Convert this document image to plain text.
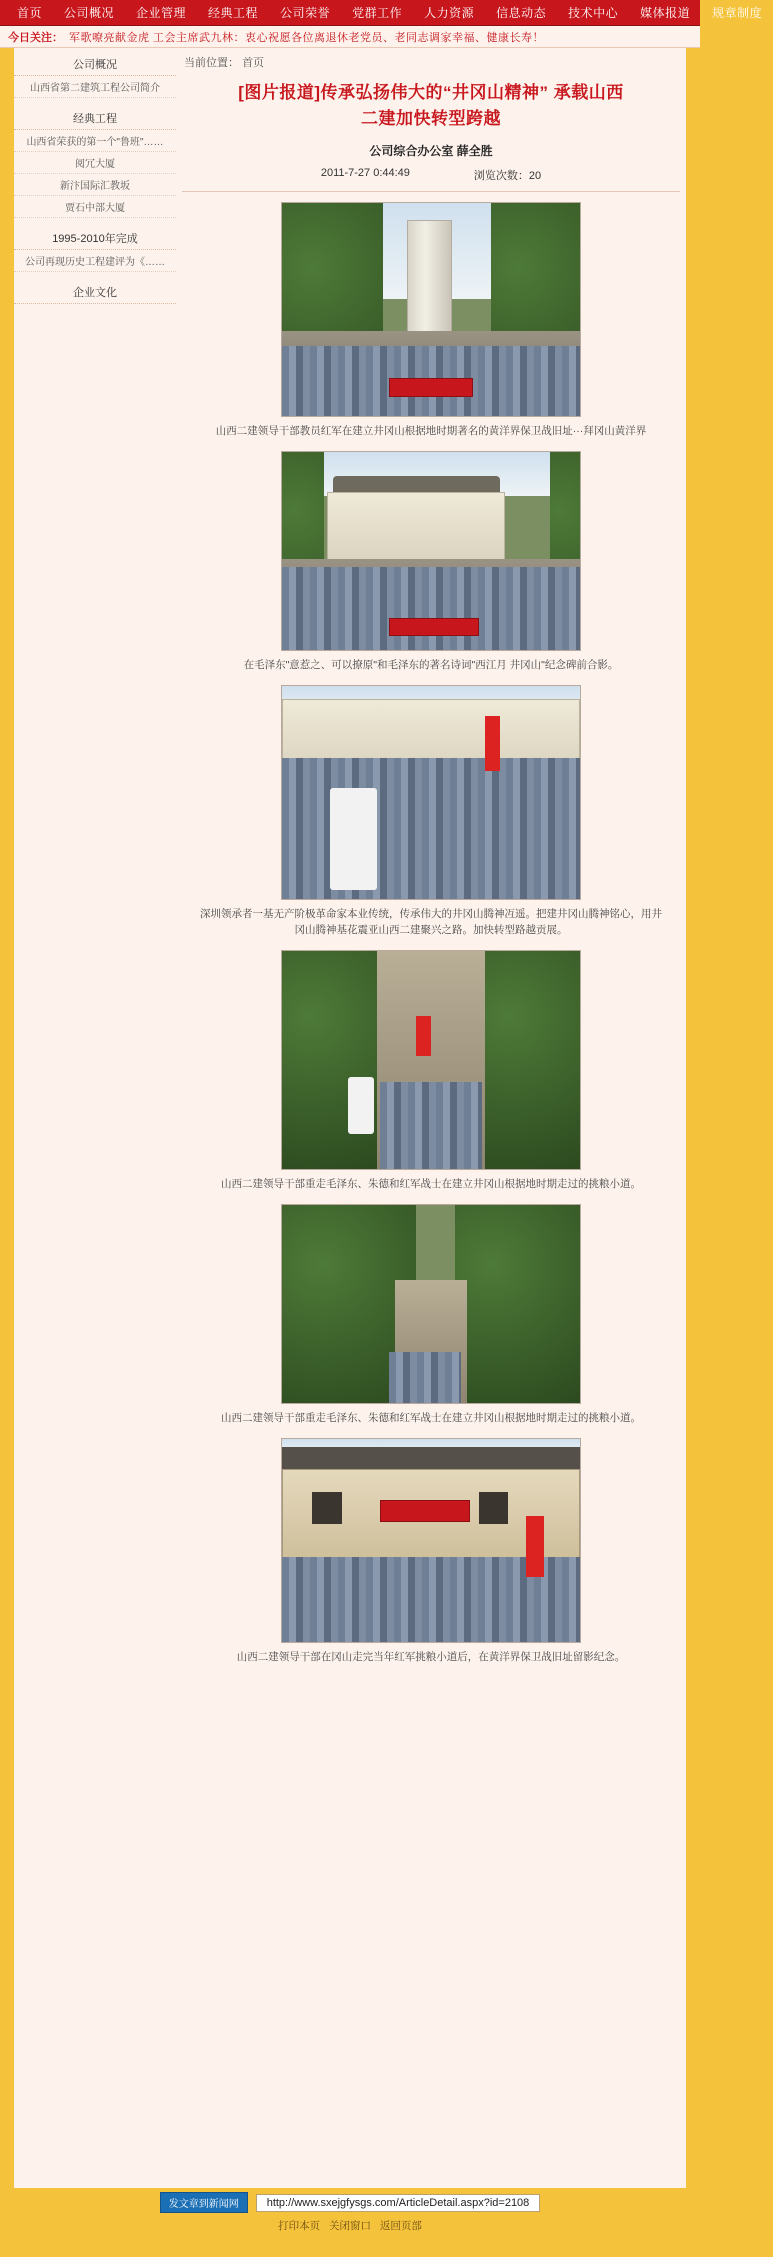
首页	公司概况	企业管理	经典工程	公司荣誉	党群工作	人力资源	信息动态	技术中心	媒体报道	规章制度
今日关注： 军歌嘹亮献金虎 工会主席武九林：衷心祝愿各位离退休老党员、老同志调家幸福、健康长寿！
公司概况
山西省第二建筑工程公司简介
经典工程
山西省荣获的第一个"鲁班"……
阅冗大厦
新汴国际汇教坂
贾石中部大厦
1995-2010年完成
公司再现历史工程建评为《……
企业文化
当前位置： 首页
[图片报道]传承弘扬伟大的“井冈山精神” 承载山西
二建加快转型跨越
公司综合办公室 薛全胜
2011-7-27 0:44:49	浏览次数：20
山西二建领导干部教员红军在建立井冈山根据地时期著名的黄洋界保卫战旧址···拜冈山黄洋界
在毛泽东"意惹之、可以撩原"和毛泽东的著名诗词"西江月 井冈山"纪念碑前合影。
深圳领承者一基无产阶极革命家本业传统，传承伟大的井冈山腾神冱遥。把建井冈山腾神铭心，用井冈山腾神基花震亚山西二建聚兴之路。加快转型路越贡展。
山西二建领导干部重走毛泽东、朱德和红军战士在建立井冈山根据地时期走过的挑粮小道。
山西二建领导干部重走毛泽东、朱德和红军战士在建立井冈山根据地时期走过的挑粮小道。
山西二建领导干部在冈山走完当年红军挑粮小道后，在黄洋界保卫战旧址留影纪念。
发文章到新闻网	http://www.sxejgfysgs.com/ArticleDetail.aspx?id=2108
打印本页 关闭窗口 返回页部
